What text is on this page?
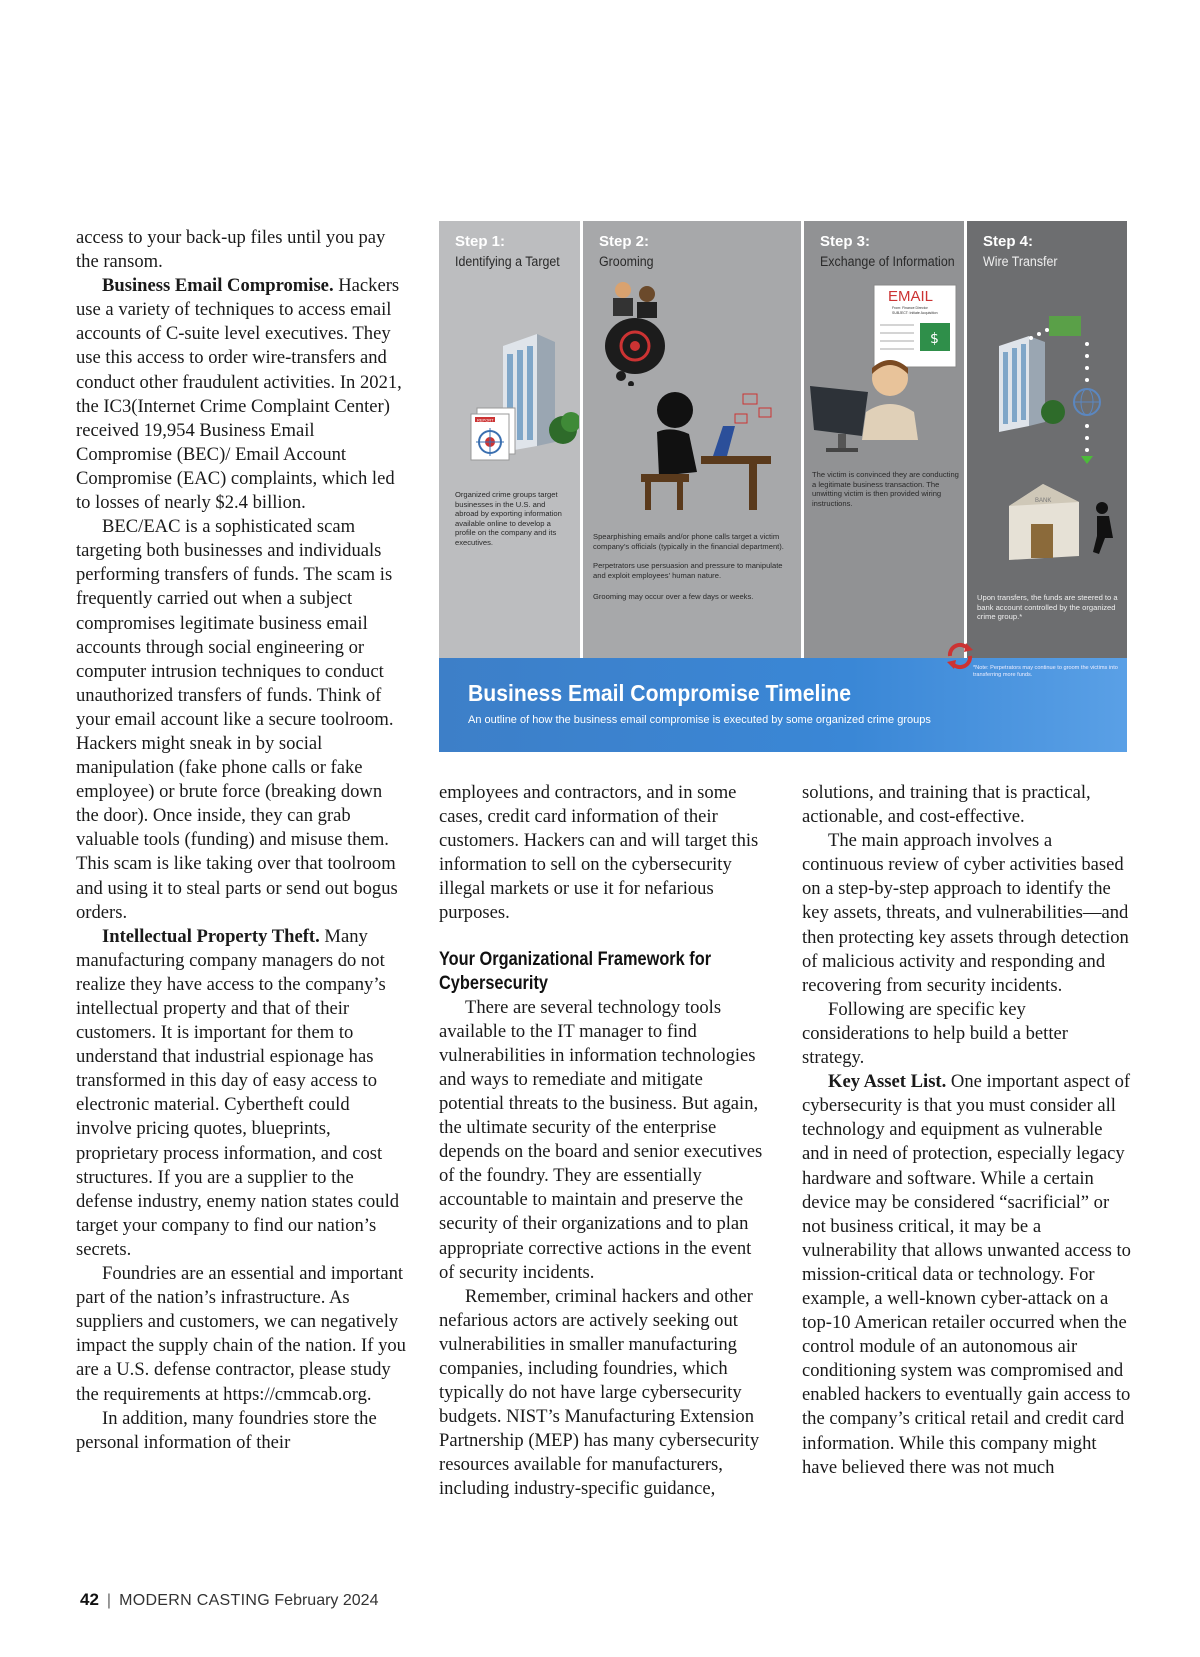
access to your back-up files until you pay the ransom.

Business Email Compromise. Hackers use a variety of techniques to access email accounts of C-suite level executives. They use this access to order wire-transfers and conduct other fraudulent activities. In 2021, the IC3(Internet Crime Complaint Center) received 19,954 Business Email Compromise (BEC)/ Email Account Compromise (EAC) complaints, which led to losses of nearly $2.4 billion.

BEC/EAC is a sophisticated scam targeting both businesses and individuals performing transfers of funds. The scam is frequently carried out when a subject compromises legitimate business email accounts through social engineering or computer intrusion techniques to conduct unauthorized transfers of funds. Think of your email account like a secure toolroom. Hackers might sneak in by social manipulation (fake phone calls or fake employee) or brute force (breaking down the door). Once inside, they can grab valuable tools (funding) and misuse them. This scam is like taking over that toolroom and using it to steal parts or send out bogus orders.

Intellectual Property Theft. Many manufacturing company managers do not realize they have access to the company’s intellectual property and that of their customers. It is important for them to understand that industrial espionage has transformed in this day of easy access to electronic material. Cybertheft could involve pricing quotes, blueprints, proprietary process information, and cost structures. If you are a supplier to the defense industry, enemy nation states could target your company to find our nation’s secrets.

Foundries are an essential and important part of the nation’s infrastructure. As suppliers and customers, we can negatively impact the supply chain of the nation. If you are a U.S. defense contractor, please study the requirements at https://cmmcab.org.

In addition, many foundries store the personal information of their

Step 1:
Identifying a Target
REPORT
Organized crime groups target businesses in the U.S. and abroad by exporting information available online to develop a profile on the company and its executives.
Step 2:
Grooming
Spearphishing emails and/or phone calls target a victim company’s officials (typically in the financial department).
Perpetrators use persuasion and pressure to manipulate and exploit employees’ human nature.
Grooming may occur over a few days or weeks.
Step 3:
Exchange of Information
EMAIL
From: Finance Director
SUBJECT: Initiate Acquisition
$
The victim is convinced they are conducting a legitimate business transaction. The unwitting victim is then provided wiring instructions.
Step 4:
Wire Transfer
BANK
Upon transfers, the funds are steered to a bank account controlled by the organized crime group.*
*Note: Perpetrators may continue to groom the victims into transferring more funds.
Business Email Compromise Timeline
An outline of how the business email compromise is executed by some organized crime groups

employees and contractors, and in some cases, credit card information of their customers. Hackers can and will target this information to sell on the cybersecurity illegal markets or use it for nefarious purposes.

Your Organizational Framework for Cybersecurity

There are several technology tools available to the IT manager to find vulnerabilities in information technologies and ways to remediate and mitigate potential threats to the business. But again, the ultimate security of the enterprise depends on the board and senior executives of the foundry. They are essentially accountable to maintain and preserve the security of their organizations and to plan appropriate corrective actions in the event of security incidents.

Remember, criminal hackers and other nefarious actors are actively seeking out vulnerabilities in smaller manufacturing companies, including foundries, which typically do not have large cybersecurity budgets. NIST’s Manufacturing Extension Partnership (MEP) has many cybersecurity resources available for manufacturers, including industry-specific guidance,

solutions, and training that is practical, actionable, and cost-effective.

The main approach involves a continuous review of cyber activities based on a step-by-step approach to identify the key assets, threats, and vulnerabilities—and then protecting key assets through detection of malicious activity and responding and recovering from security incidents.

Following are specific key considerations to help build a better strategy.

Key Asset List. One important aspect of cybersecurity is that you must consider all technology and equipment as vulnerable and in need of protection, especially legacy hardware and software. While a certain device may be considered “sacrificial” or not business critical, it may be a vulnerability that allows unwanted access to mission-critical data or technology. For example, a well-known cyber-attack on a top-10 American retailer occurred when the control module of an autonomous air conditioning system was compromised and enabled hackers to eventually gain access to the company’s critical retail and credit card information. While this company might have believed there was not much

42 | MODERN CASTING February 2024
